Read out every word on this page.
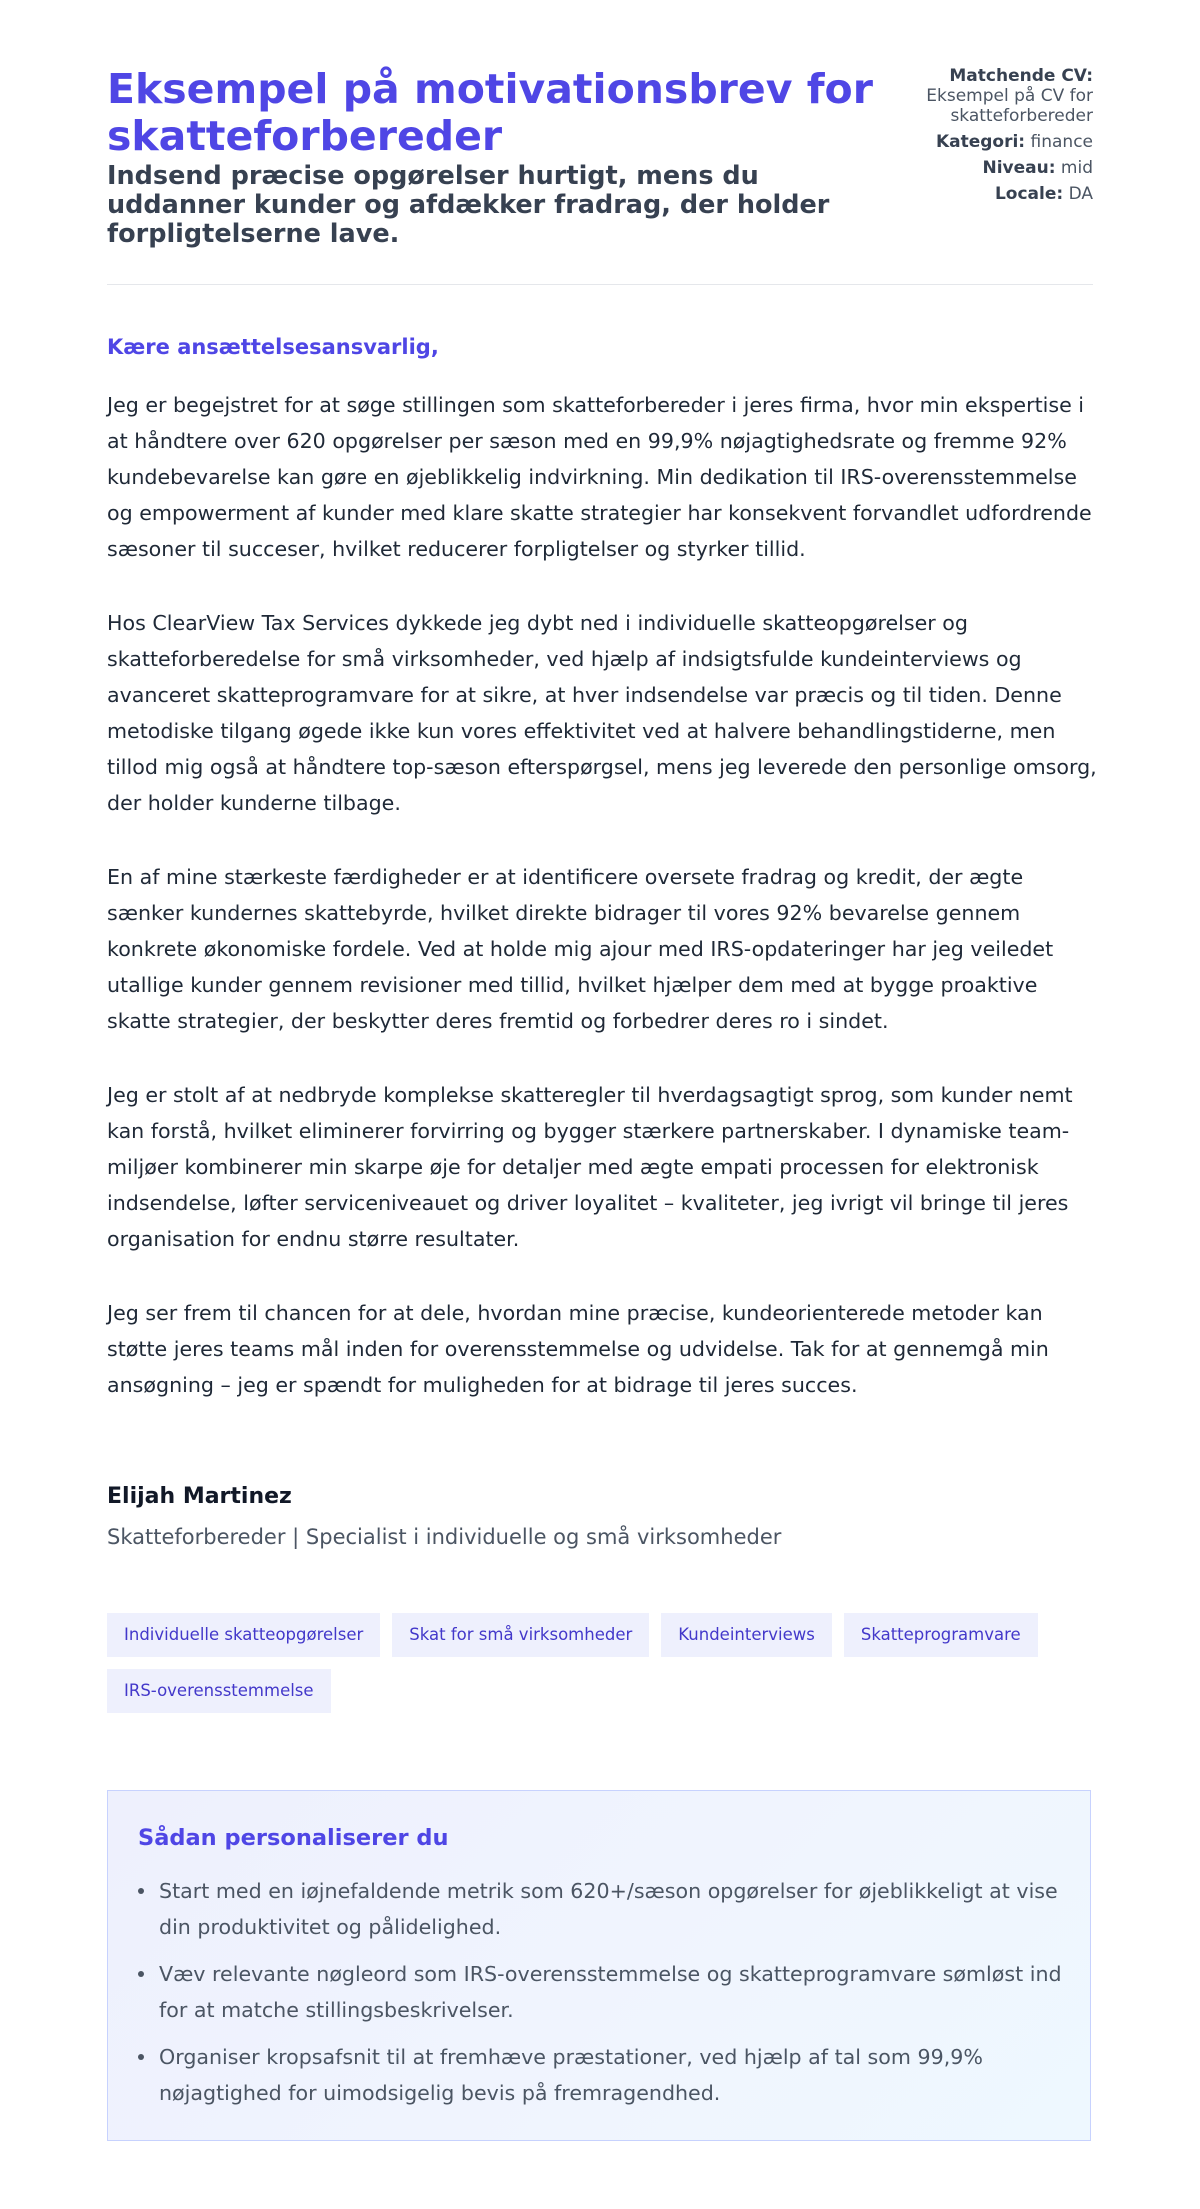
Eksempel på motivationsbrev for skatteforbereder
Indsend præcise opgørelser hurtigt, mens du uddanner kunder og afdækker fradrag, der holder forpligtelserne lave.
Matchende CV:
Eksempel på CV for skatteforbereder
Kategori: finance
Niveau: mid
Locale: DA

Kære ansættelsesansvarlig,

Jeg er begejstret for at søge stillingen som skatteforbereder i jeres firma, hvor min ekspertise i at håndtere over 620 opgørelser per sæson med en 99,9% nøjagtighedsrate og fremme 92% kundebevarelse kan gøre en øjeblikkelig indvirkning. Min dedikation til IRS-overensstemmelse og empowerment af kunder med klare skatte strategier har konsekvent forvandlet udfordrende sæsoner til succeser, hvilket reducerer forpligtelser og styrker tillid.

Hos ClearView Tax Services dykkede jeg dybt ned i individuelle skatteopgørelser og skatteforberedelse for små virksomheder, ved hjælp af indsigtsfulde kundeinterviews og avanceret skatteprogramvare for at sikre, at hver indsendelse var præcis og til tiden. Denne metodiske tilgang øgede ikke kun vores effektivitet ved at halvere behandlingstiderne, men tillod mig også at håndtere top-sæson efterspørgsel, mens jeg leverede den personlige omsorg, der holder kunderne tilbage.

En af mine stærkeste færdigheder er at identificere oversete fradrag og kredit, der ægte sænker kundernes skattebyrde, hvilket direkte bidrager til vores 92% bevarelse gennem konkrete økonomiske fordele. Ved at holde mig ajour med IRS-opdateringer har jeg veiledet utallige kunder gennem revisioner med tillid, hvilket hjælper dem med at bygge proaktive skatte strategier, der beskytter deres fremtid og forbedrer deres ro i sindet.

Jeg er stolt af at nedbryde komplekse skatteregler til hverdagsagtigt sprog, som kunder nemt kan forstå, hvilket eliminerer forvirring og bygger stærkere partnerskaber. I dynamiske team-miljøer kombinerer min skarpe øje for detaljer med ægte empati processen for elektronisk indsendelse, løfter serviceniveauet og driver loyalitet – kvaliteter, jeg ivrigt vil bringe til jeres organisation for endnu større resultater.

Jeg ser frem til chancen for at dele, hvordan mine præcise, kundeorienterede metoder kan støtte jeres teams mål inden for overensstemmelse og udvidelse. Tak for at gennemgå min ansøgning – jeg er spændt for muligheden for at bidrage til jeres succes.

Elijah Martinez

Skatteforbereder | Specialist i individuelle og små virksomheder

Individuelle skatteopgørelser	Skat for små virksomheder	Kundeinterviews	Skatteprogramvare
IRS-overensstemmelse
Sådan personaliserer du
Start med en iøjnefaldende metrik som 620+/sæson opgørelser for øjeblikkeligt at vise din produktivitet og pålidelighed.
Væv relevante nøgleord som IRS-overensstemmelse og skatteprogramvare sømløst ind for at matche stillingsbeskrivelser.
Organiser kropsafsnit til at fremhæve præstationer, ved hjælp af tal som 99,9% nøjagtighed for uimodsigelig bevis på fremragendhed.
